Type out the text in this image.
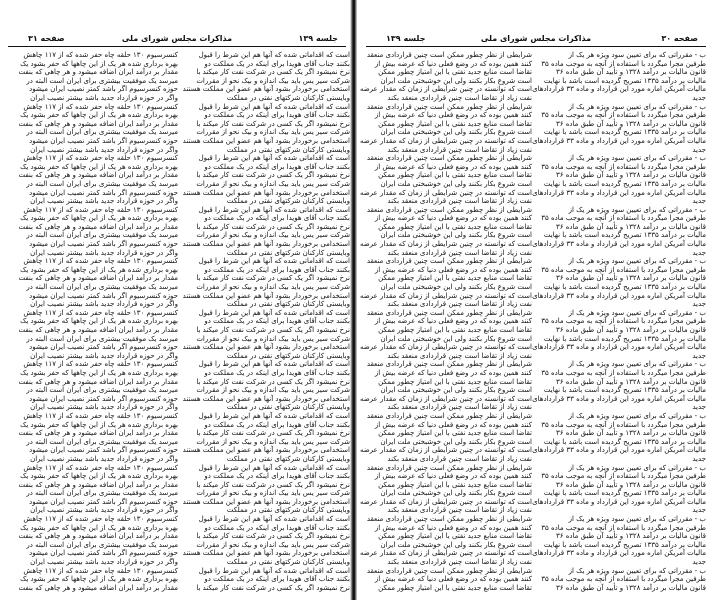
صفحه ۳۱	مذاکرات مجلس شورای ملی	جلسه ۱۳۹
است که اقداماتی شده که آنها هم این شرط را قبول
بکنند جناب آقای هویدا برای اینکه در یک مملکت دو
نرخ نمیشود اگر یک کسی در شرکت نفت کار میکند با
شرکت سیر یس باید بیک اندازه و بیک نحو از مقررات
استخدامی برخوردار بشود آنها هم عضو این مملکت هستند
وبایستی کارکنان شرکتهای نفتی در مملکت
است که اقداماتی شده که آنها هم این شرط را قبول
بکنند جناب آقای هویدا برای اینکه در یک مملکت دو
نرخ نمیشود اگر یک کسی در شرکت نفت کار میکند با
شرکت سیر یس باید بیک اندازه و بیک نحو از مقررات
استخدامی برخوردار بشود آنها هم عضو این مملکت هستند
وبایستی کارکنان شرکتهای نفتی در مملکت
است که اقداماتی شده که آنها هم این شرط را قبول
بکنند جناب آقای هویدا برای اینکه در یک مملکت دو
نرخ نمیشود اگر یک کسی در شرکت نفت کار میکند با
شرکت سیر یس باید بیک اندازه و بیک نحو از مقررات
استخدامی برخوردار بشود آنها هم عضو این مملکت هستند
وبایستی کارکنان شرکتهای نفتی در مملکت
است که اقداماتی شده که آنها هم این شرط را قبول
بکنند جناب آقای هویدا برای اینکه در یک مملکت دو
نرخ نمیشود اگر یک کسی در شرکت نفت کار میکند با
شرکت سیر یس باید بیک اندازه و بیک نحو از مقررات
استخدامی برخوردار بشود آنها هم عضو این مملکت هستند
وبایستی کارکنان شرکتهای نفتی در مملکت
است که اقداماتی شده که آنها هم این شرط را قبول
بکنند جناب آقای هویدا برای اینکه در یک مملکت دو
نرخ نمیشود اگر یک کسی در شرکت نفت کار میکند با
شرکت سیر یس باید بیک اندازه و بیک نحو از مقررات
استخدامی برخوردار بشود آنها هم عضو این مملکت هستند
وبایستی کارکنان شرکتهای نفتی در مملکت
است که اقداماتی شده که آنها هم این شرط را قبول
بکنند جناب آقای هویدا برای اینکه در یک مملکت دو
نرخ نمیشود اگر یک کسی در شرکت نفت کار میکند با
شرکت سیر یس باید بیک اندازه و بیک نحو از مقررات
استخدامی برخوردار بشود آنها هم عضو این مملکت هستند
وبایستی کارکنان شرکتهای نفتی در مملکت
است که اقداماتی شده که آنها هم این شرط را قبول
بکنند جناب آقای هویدا برای اینکه در یک مملکت دو
نرخ نمیشود اگر یک کسی در شرکت نفت کار میکند با
شرکت سیر یس باید بیک اندازه و بیک نحو از مقررات
استخدامی برخوردار بشود آنها هم عضو این مملکت هستند
وبایستی کارکنان شرکتهای نفتی در مملکت
است که اقداماتی شده که آنها هم این شرط را قبول
بکنند جناب آقای هویدا برای اینکه در یک مملکت دو
نرخ نمیشود اگر یک کسی در شرکت نفت کار میکند با
شرکت سیر یس باید بیک اندازه و بیک نحو از مقررات
استخدامی برخوردار بشود آنها هم عضو این مملکت هستند
وبایستی کارکنان شرکتهای نفتی در مملکت
است که اقداماتی شده که آنها هم این شرط را قبول
بکنند جناب آقای هویدا برای اینکه در یک مملکت دو
نرخ نمیشود اگر یک کسی در شرکت نفت کار میکند با
شرکت سیر یس باید بیک اندازه و بیک نحو از مقررات
استخدامی برخوردار بشود آنها هم عضو این مملکت هستند
وبایستی کارکنان شرکتهای نفتی در مملکت
است که اقداماتی شده که آنها هم این شرط را قبول
بکنند جناب آقای هویدا برای اینکه در یک مملکت دو
نرخ نمیشود اگر یک کسی در شرکت نفت کار میکند با
شرکت سیر یس باید بیک اندازه و بیک نحو از مقررات
استخدامی برخوردار بشود آنها هم عضو این مملکت هستند
وبایستی کارکنان شرکتهای نفتی در مملکت
است که اقداماتی شده که آنها هم این شرط را قبول
بکنند جناب آقای هویدا برای اینکه در یک مملکت دو
نرخ نمیشود اگر یک کسی در شرکت نفت کار میکند با
کنسرسیوم ۱۳۰ حلقه چاه حفر شده که از ۱۱۷ چاهش
بهره برداری شده هر یک از این چاهها که حفر بشود یک
مقدار بر درآمد ایران اضافه میشود و هر چاهی که بنفت
میرسد یک موفقیت بیشتری برای ایران است البته در
حوزه کنسرسیوم اگر باشد کمتر نصیب ایران میشود
واگر در حوزه قرارداد جدید باشد بیشتر نصیب ایران
کنسرسیوم ۱۳۰ حلقه چاه حفر شده که از ۱۱۷ چاهش
بهره برداری شده هر یک از این چاهها که حفر بشود یک
مقدار بر درآمد ایران اضافه میشود و هر چاهی که بنفت
میرسد یک موفقیت بیشتری برای ایران است البته در
حوزه کنسرسیوم اگر باشد کمتر نصیب ایران میشود
واگر در حوزه قرارداد جدید باشد بیشتر نصیب ایران
کنسرسیوم ۱۳۰ حلقه چاه حفر شده که از ۱۱۷ چاهش
بهره برداری شده هر یک از این چاهها که حفر بشود یک
مقدار بر درآمد ایران اضافه میشود و هر چاهی که بنفت
میرسد یک موفقیت بیشتری برای ایران است البته در
حوزه کنسرسیوم اگر باشد کمتر نصیب ایران میشود
واگر در حوزه قرارداد جدید باشد بیشتر نصیب ایران
کنسرسیوم ۱۳۰ حلقه چاه حفر شده که از ۱۱۷ چاهش
بهره برداری شده هر یک از این چاهها که حفر بشود یک
مقدار بر درآمد ایران اضافه میشود و هر چاهی که بنفت
میرسد یک موفقیت بیشتری برای ایران است البته در
حوزه کنسرسیوم اگر باشد کمتر نصیب ایران میشود
واگر در حوزه قرارداد جدید باشد بیشتر نصیب ایران
کنسرسیوم ۱۳۰ حلقه چاه حفر شده که از ۱۱۷ چاهش
بهره برداری شده هر یک از این چاهها که حفر بشود یک
مقدار بر درآمد ایران اضافه میشود و هر چاهی که بنفت
میرسد یک موفقیت بیشتری برای ایران است البته در
حوزه کنسرسیوم اگر باشد کمتر نصیب ایران میشود
واگر در حوزه قرارداد جدید باشد بیشتر نصیب ایران
کنسرسیوم ۱۳۰ حلقه چاه حفر شده که از ۱۱۷ چاهش
بهره برداری شده هر یک از این چاهها که حفر بشود یک
مقدار بر درآمد ایران اضافه میشود و هر چاهی که بنفت
میرسد یک موفقیت بیشتری برای ایران است البته در
حوزه کنسرسیوم اگر باشد کمتر نصیب ایران میشود
واگر در حوزه قرارداد جدید باشد بیشتر نصیب ایران
کنسرسیوم ۱۳۰ حلقه چاه حفر شده که از ۱۱۷ چاهش
بهره برداری شده هر یک از این چاهها که حفر بشود یک
مقدار بر درآمد ایران اضافه میشود و هر چاهی که بنفت
میرسد یک موفقیت بیشتری برای ایران است البته در
حوزه کنسرسیوم اگر باشد کمتر نصیب ایران میشود
واگر در حوزه قرارداد جدید باشد بیشتر نصیب ایران
کنسرسیوم ۱۳۰ حلقه چاه حفر شده که از ۱۱۷ چاهش
بهره برداری شده هر یک از این چاهها که حفر بشود یک
مقدار بر درآمد ایران اضافه میشود و هر چاهی که بنفت
میرسد یک موفقیت بیشتری برای ایران است البته در
حوزه کنسرسیوم اگر باشد کمتر نصیب ایران میشود
واگر در حوزه قرارداد جدید باشد بیشتر نصیب ایران
کنسرسیوم ۱۳۰ حلقه چاه حفر شده که از ۱۱۷ چاهش
بهره برداری شده هر یک از این چاهها که حفر بشود یک
مقدار بر درآمد ایران اضافه میشود و هر چاهی که بنفت
میرسد یک موفقیت بیشتری برای ایران است البته در
حوزه کنسرسیوم اگر باشد کمتر نصیب ایران میشود
واگر در حوزه قرارداد جدید باشد بیشتر نصیب ایران
کنسرسیوم ۱۳۰ حلقه چاه حفر شده که از ۱۱۷ چاهش
بهره برداری شده هر یک از این چاهها که حفر بشود یک
مقدار بر درآمد ایران اضافه میشود و هر چاهی که بنفت
میرسد یک موفقیت بیشتری برای ایران است البته در
حوزه کنسرسیوم اگر باشد کمتر نصیب ایران میشود
واگر در حوزه قرارداد جدید باشد بیشتر نصیب ایران
کنسرسیوم ۱۳۰ حلقه چاه حفر شده که از ۱۱۷ چاهش
بهره برداری شده هر یک از این چاهها که حفر بشود یک
مقدار بر درآمد ایران اضافه میشود و هر چاهی که بنفت
جلسه ۱۳۹	مذاکرات مجلس شورای ملی	صفحه ۳۰
ب - مقرراتی که برای تعیین سود ویژه هر یک از
طرفین مجرا میگردد با استفاده از آنچه به موجب ماده ۳۵
قانون مالیات بر درآمد ۱۳۲۸ و تأیید آن طبق ماده ۳۶
مالیات بر درآمد ۱۳۳۵ تصریح گردیده است باشد با نهایت
مالیات آمریکن اماره مورد این قرارداد و ماده ۳۳ قراردادهای
جدید
ب - مقرراتی که برای تعیین سود ویژه هر یک از
طرفین مجرا میگردد با استفاده از آنچه به موجب ماده ۳۵
قانون مالیات بر درآمد ۱۳۲۸ و تأیید آن طبق ماده ۳۶
مالیات بر درآمد ۱۳۳۵ تصریح گردیده است باشد با نهایت
مالیات آمریکن اماره مورد این قرارداد و ماده ۳۳ قراردادهای
جدید
ب - مقرراتی که برای تعیین سود ویژه هر یک از
طرفین مجرا میگردد با استفاده از آنچه به موجب ماده ۳۵
قانون مالیات بر درآمد ۱۳۲۸ و تأیید آن طبق ماده ۳۶
مالیات بر درآمد ۱۳۳۵ تصریح گردیده است باشد با نهایت
مالیات آمریکن اماره مورد این قرارداد و ماده ۳۳ قراردادهای
جدید
ب - مقرراتی که برای تعیین سود ویژه هر یک از
طرفین مجرا میگردد با استفاده از آنچه به موجب ماده ۳۵
قانون مالیات بر درآمد ۱۳۲۸ و تأیید آن طبق ماده ۳۶
مالیات بر درآمد ۱۳۳۵ تصریح گردیده است باشد با نهایت
مالیات آمریکن اماره مورد این قرارداد و ماده ۳۳ قراردادهای
جدید
ب - مقرراتی که برای تعیین سود ویژه هر یک از
طرفین مجرا میگردد با استفاده از آنچه به موجب ماده ۳۵
قانون مالیات بر درآمد ۱۳۲۸ و تأیید آن طبق ماده ۳۶
مالیات بر درآمد ۱۳۳۵ تصریح گردیده است باشد با نهایت
مالیات آمریکن اماره مورد این قرارداد و ماده ۳۳ قراردادهای
جدید
ب - مقرراتی که برای تعیین سود ویژه هر یک از
طرفین مجرا میگردد با استفاده از آنچه به موجب ماده ۳۵
قانون مالیات بر درآمد ۱۳۲۸ و تأیید آن طبق ماده ۳۶
مالیات بر درآمد ۱۳۳۵ تصریح گردیده است باشد با نهایت
مالیات آمریکن اماره مورد این قرارداد و ماده ۳۳ قراردادهای
جدید
ب - مقرراتی که برای تعیین سود ویژه هر یک از
طرفین مجرا میگردد با استفاده از آنچه به موجب ماده ۳۵
قانون مالیات بر درآمد ۱۳۲۸ و تأیید آن طبق ماده ۳۶
مالیات بر درآمد ۱۳۳۵ تصریح گردیده است باشد با نهایت
مالیات آمریکن اماره مورد این قرارداد و ماده ۳۳ قراردادهای
جدید
ب - مقرراتی که برای تعیین سود ویژه هر یک از
طرفین مجرا میگردد با استفاده از آنچه به موجب ماده ۳۵
قانون مالیات بر درآمد ۱۳۲۸ و تأیید آن طبق ماده ۳۶
مالیات بر درآمد ۱۳۳۵ تصریح گردیده است باشد با نهایت
مالیات آمریکن اماره مورد این قرارداد و ماده ۳۳ قراردادهای
جدید
ب - مقرراتی که برای تعیین سود ویژه هر یک از
طرفین مجرا میگردد با استفاده از آنچه به موجب ماده ۳۵
قانون مالیات بر درآمد ۱۳۲۸ و تأیید آن طبق ماده ۳۶
مالیات بر درآمد ۱۳۳۵ تصریح گردیده است باشد با نهایت
مالیات آمریکن اماره مورد این قرارداد و ماده ۳۳ قراردادهای
جدید
ب - مقرراتی که برای تعیین سود ویژه هر یک از
طرفین مجرا میگردد با استفاده از آنچه به موجب ماده ۳۵
قانون مالیات بر درآمد ۱۳۲۸ و تأیید آن طبق ماده ۳۶
مالیات بر درآمد ۱۳۳۵ تصریح گردیده است باشد با نهایت
مالیات آمریکن اماره مورد این قرارداد و ماده ۳۳ قراردادهای
جدید
ب - مقرراتی که برای تعیین سود ویژه هر یک از
طرفین مجرا میگردد با استفاده از آنچه به موجب ماده ۳۵
قانون مالیات بر درآمد ۱۳۲۸ و تأیید آن طبق ماده ۳۶
شرایطی از نظر چطور ممکن است چنین قراردادی منعقد
کنند همین بوده که در وضع فعلی دنیا که عرضه بیش از
تقاضا است منابع جدید نفتی با این امتیاز چطور ممکن
است شروع بکار بکنند ولی این خوشبختی ملت ایران
است که توانسته در چنین شرایطی از زمان که مقدار عرضه
نفت زیاد از تقاضا است چنین قراردادی منعقد بکند
شرایطی از نظر چطور ممکن است چنین قراردادی منعقد
کنند همین بوده که در وضع فعلی دنیا که عرضه بیش از
تقاضا است منابع جدید نفتی با این امتیاز چطور ممکن
است شروع بکار بکنند ولی این خوشبختی ملت ایران
است که توانسته در چنین شرایطی از زمان که مقدار عرضه
نفت زیاد از تقاضا است چنین قراردادی منعقد بکند
شرایطی از نظر چطور ممکن است چنین قراردادی منعقد
کنند همین بوده که در وضع فعلی دنیا که عرضه بیش از
تقاضا است منابع جدید نفتی با این امتیاز چطور ممکن
است شروع بکار بکنند ولی این خوشبختی ملت ایران
است که توانسته در چنین شرایطی از زمان که مقدار عرضه
نفت زیاد از تقاضا است چنین قراردادی منعقد بکند
شرایطی از نظر چطور ممکن است چنین قراردادی منعقد
کنند همین بوده که در وضع فعلی دنیا که عرضه بیش از
تقاضا است منابع جدید نفتی با این امتیاز چطور ممکن
است شروع بکار بکنند ولی این خوشبختی ملت ایران
است که توانسته در چنین شرایطی از زمان که مقدار عرضه
نفت زیاد از تقاضا است چنین قراردادی منعقد بکند
شرایطی از نظر چطور ممکن است چنین قراردادی منعقد
کنند همین بوده که در وضع فعلی دنیا که عرضه بیش از
تقاضا است منابع جدید نفتی با این امتیاز چطور ممکن
است شروع بکار بکنند ولی این خوشبختی ملت ایران
است که توانسته در چنین شرایطی از زمان که مقدار عرضه
نفت زیاد از تقاضا است چنین قراردادی منعقد بکند
شرایطی از نظر چطور ممکن است چنین قراردادی منعقد
کنند همین بوده که در وضع فعلی دنیا که عرضه بیش از
تقاضا است منابع جدید نفتی با این امتیاز چطور ممکن
است شروع بکار بکنند ولی این خوشبختی ملت ایران
است که توانسته در چنین شرایطی از زمان که مقدار عرضه
نفت زیاد از تقاضا است چنین قراردادی منعقد بکند
شرایطی از نظر چطور ممکن است چنین قراردادی منعقد
کنند همین بوده که در وضع فعلی دنیا که عرضه بیش از
تقاضا است منابع جدید نفتی با این امتیاز چطور ممکن
است شروع بکار بکنند ولی این خوشبختی ملت ایران
است که توانسته در چنین شرایطی از زمان که مقدار عرضه
نفت زیاد از تقاضا است چنین قراردادی منعقد بکند
شرایطی از نظر چطور ممکن است چنین قراردادی منعقد
کنند همین بوده که در وضع فعلی دنیا که عرضه بیش از
تقاضا است منابع جدید نفتی با این امتیاز چطور ممکن
است شروع بکار بکنند ولی این خوشبختی ملت ایران
است که توانسته در چنین شرایطی از زمان که مقدار عرضه
نفت زیاد از تقاضا است چنین قراردادی منعقد بکند
شرایطی از نظر چطور ممکن است چنین قراردادی منعقد
کنند همین بوده که در وضع فعلی دنیا که عرضه بیش از
تقاضا است منابع جدید نفتی با این امتیاز چطور ممکن
است شروع بکار بکنند ولی این خوشبختی ملت ایران
است که توانسته در چنین شرایطی از زمان که مقدار عرضه
نفت زیاد از تقاضا است چنین قراردادی منعقد بکند
شرایطی از نظر چطور ممکن است چنین قراردادی منعقد
کنند همین بوده که در وضع فعلی دنیا که عرضه بیش از
تقاضا است منابع جدید نفتی با این امتیاز چطور ممکن
است شروع بکار بکنند ولی این خوشبختی ملت ایران
است که توانسته در چنین شرایطی از زمان که مقدار عرضه
نفت زیاد از تقاضا است چنین قراردادی منعقد بکند
شرایطی از نظر چطور ممکن است چنین قراردادی منعقد
کنند همین بوده که در وضع فعلی دنیا که عرضه بیش از
تقاضا است منابع جدید نفتی با این امتیاز چطور ممکن
